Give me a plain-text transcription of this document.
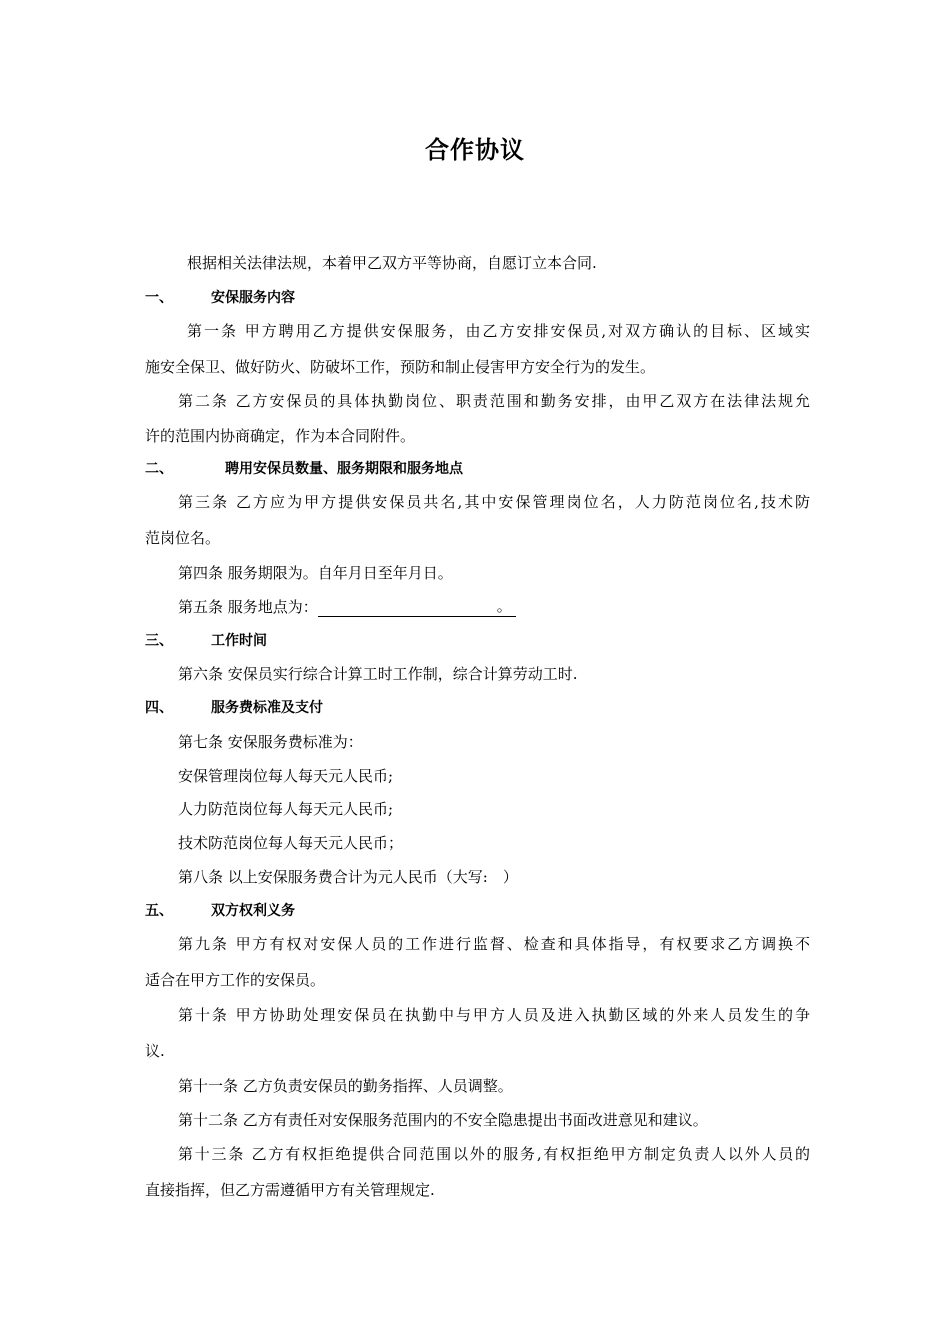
合作协议
根据相关法律法规，本着甲乙双方平等协商，自愿订立本合同.
一、	安保服务内容
第一条 甲方聘用乙方提供安保服务，由乙方安排安保员,对双方确认的目标、区域实
施安全保卫、做好防火、防破坏工作，预防和制止侵害甲方安全行为的发生。
第二条 乙方安保员的具体执勤岗位、职责范围和勤务安排，由甲乙双方在法律法规允
许的范围内协商确定，作为本合同附件。
二、	聘用安保员数量、服务期限和服务地点
第三条 乙方应为甲方提供安保员共名,其中安保管理岗位名，人力防范岗位名,技术防
范岗位名。
第四条 服务期限为。自年月日至年月日。
第五条 服务地点为：	。
三、	工作时间
第六条 安保员实行综合计算工时工作制，综合计算劳动工时.
四、	服务费标准及支付
第七条 安保服务费标准为：
安保管理岗位每人每天元人民币;
人力防范岗位每人每天元人民币;
技术防范岗位每人每天元人民币；
第八条 以上安保服务费合计为元人民币（大写:　）
五、	双方权利义务
第九条 甲方有权对安保人员的工作进行监督、检查和具体指导，有权要求乙方调换不
适合在甲方工作的安保员。
第十条 甲方协助处理安保员在执勤中与甲方人员及进入执勤区域的外来人员发生的争
议.
第十一条 乙方负责安保员的勤务指挥、人员调整。
第十二条 乙方有责任对安保服务范围内的不安全隐患提出书面改进意见和建议。
第十三条 乙方有权拒绝提供合同范围以外的服务,有权拒绝甲方制定负责人以外人员的
直接指挥，但乙方需遵循甲方有关管理规定.
